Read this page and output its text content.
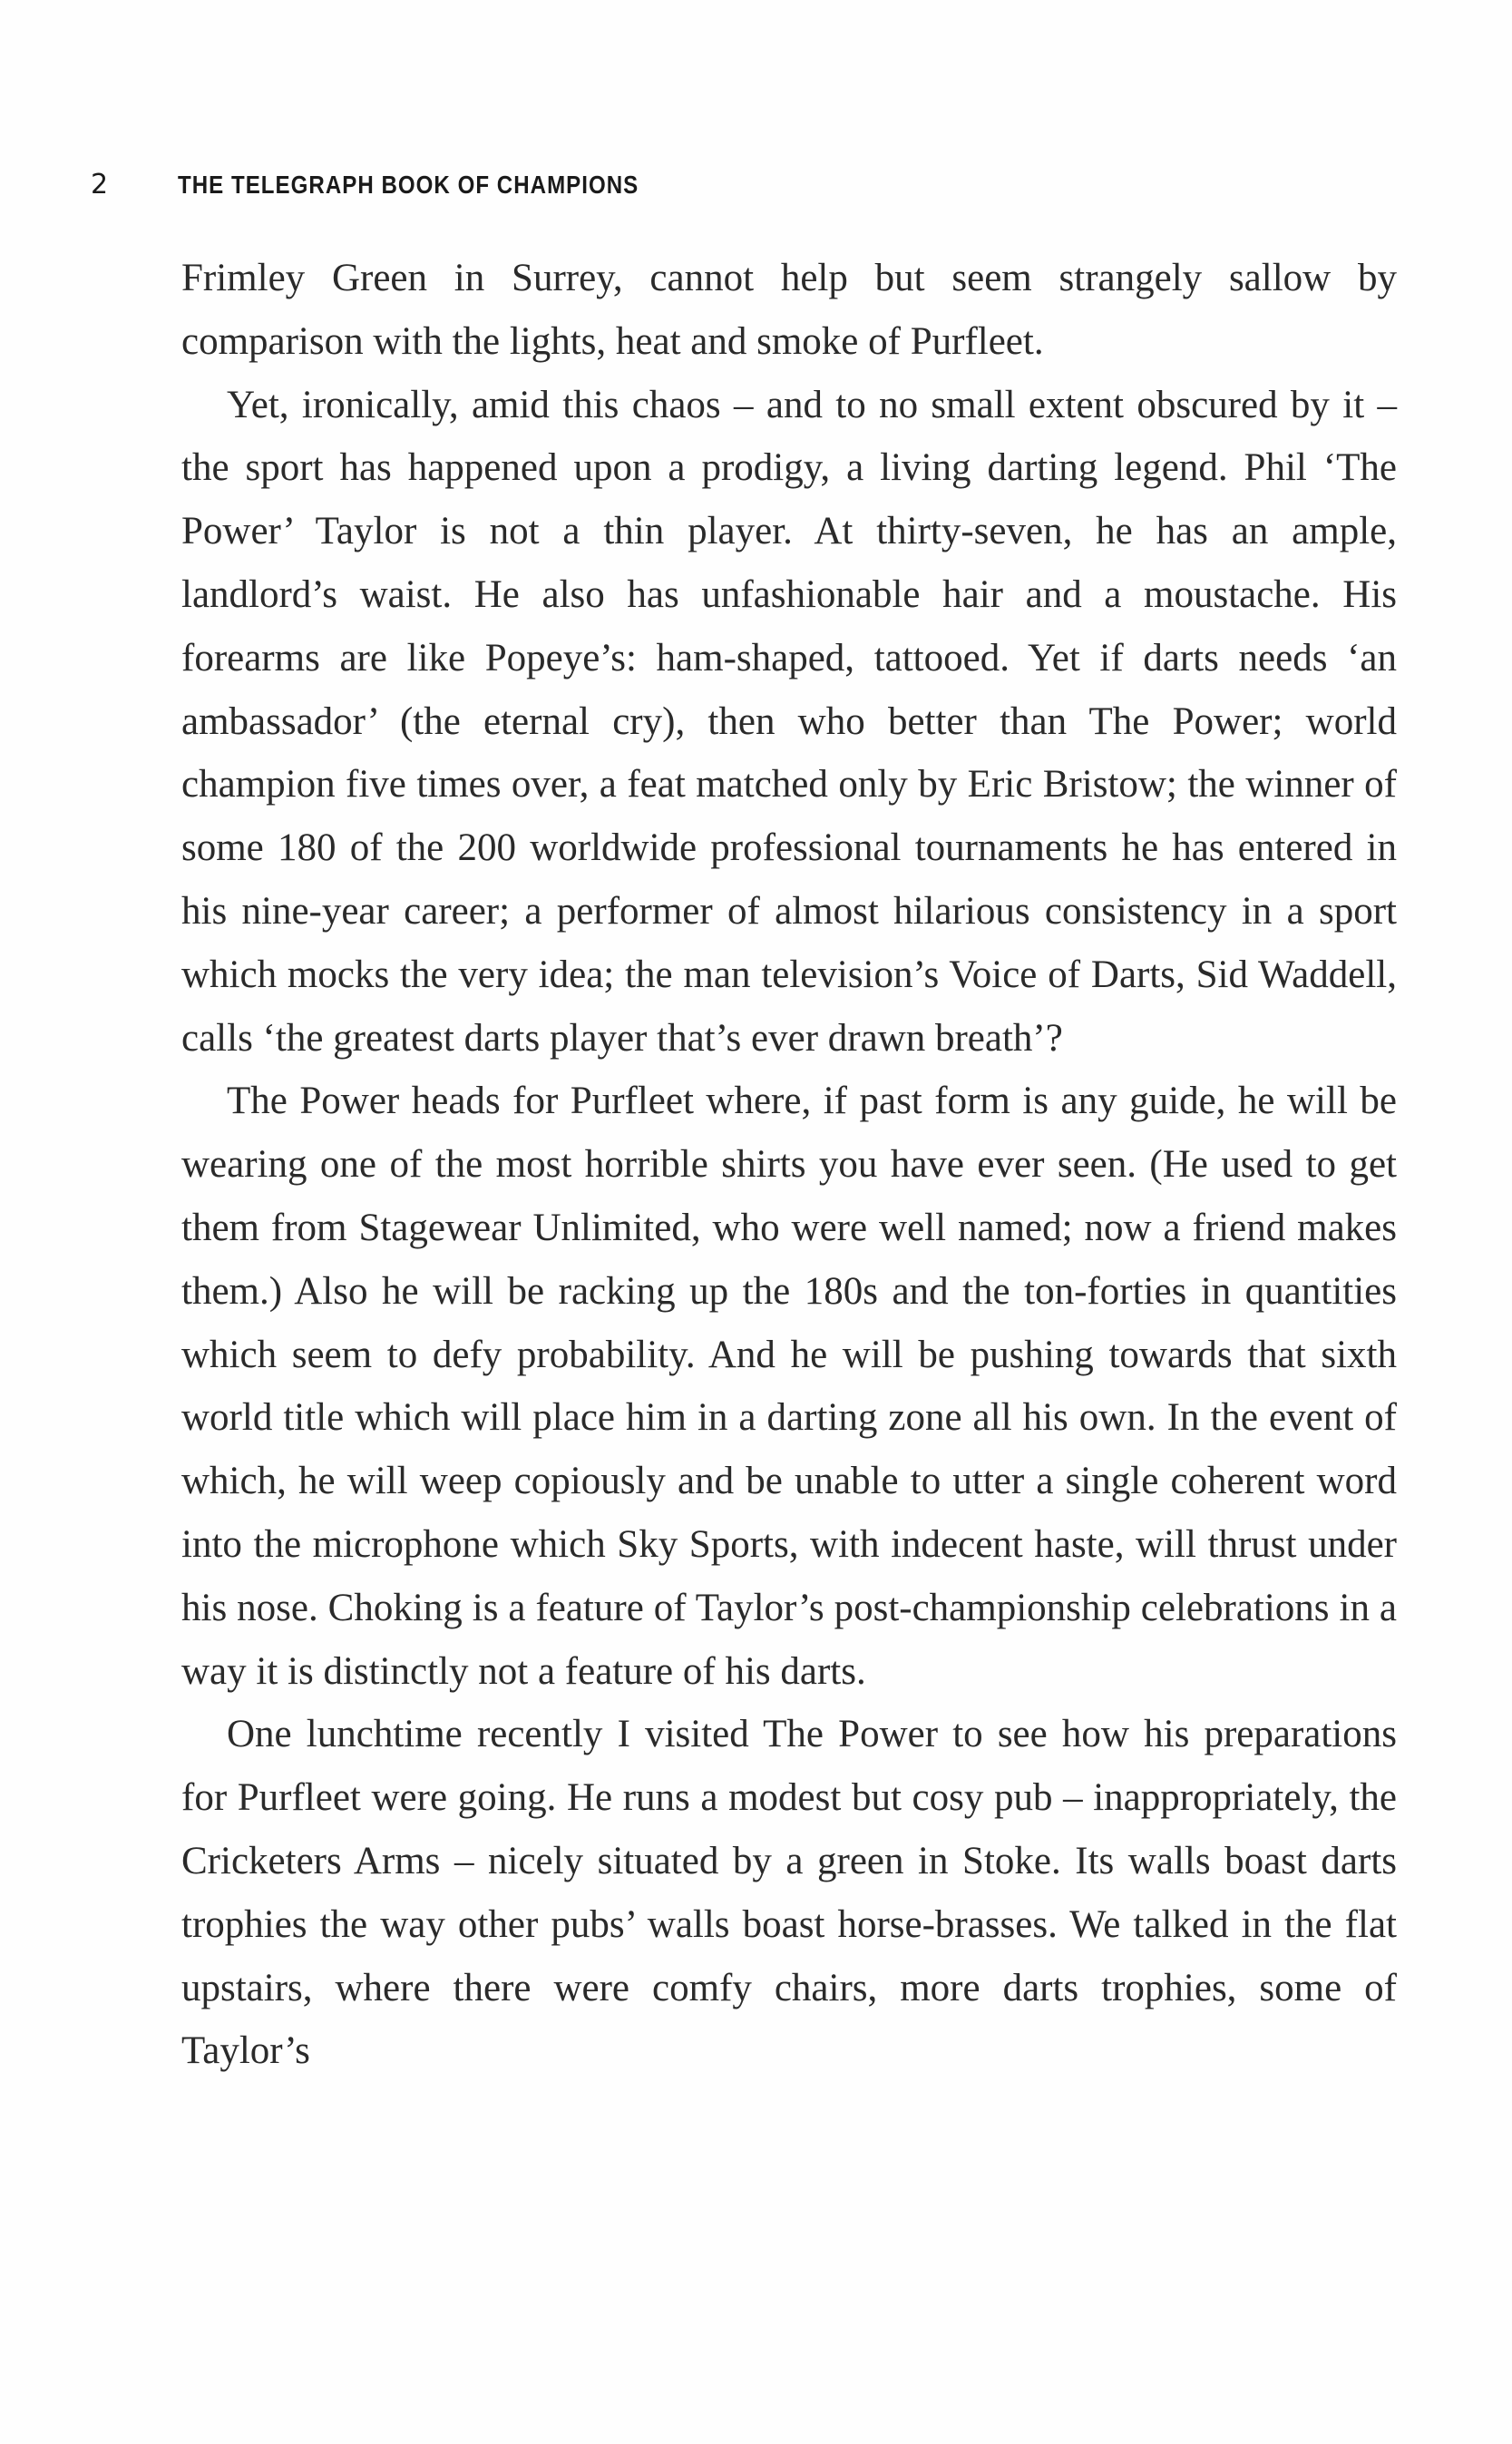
2	THE TELEGRAPH BOOK OF CHAMPIONS

Frimley Green in Surrey, cannot help but seem strangely sallow by comparison with the lights, heat and smoke of Purfleet.

Yet, ironically, amid this chaos – and to no small extent obscured by it – the sport has happened upon a prodigy, a living darting legend. Phil ‘The Power’ Taylor is not a thin player. At thirty-seven, he has an ample, landlord’s waist. He also has unfashionable hair and a moustache. His forearms are like Popeye’s: ham-shaped, tattooed. Yet if darts needs ‘an ambassador’ (the eternal cry), then who better than The Power; world champion five times over, a feat matched only by Eric Bristow; the winner of some 180 of the 200 worldwide professional tournaments he has entered in his nine-year career; a performer of almost hilarious consistency in a sport which mocks the very idea; the man television’s Voice of Darts, Sid Waddell, calls ‘the greatest darts player that’s ever drawn breath’?

The Power heads for Purfleet where, if past form is any guide, he will be wearing one of the most horrible shirts you have ever seen. (He used to get them from Stagewear Unlimited, who were well named; now a friend makes them.) Also he will be racking up the 180s and the ton-forties in quantities which seem to defy probability. And he will be pushing towards that sixth world title which will place him in a darting zone all his own. In the event of which, he will weep copiously and be unable to utter a single coherent word into the microphone which Sky Sports, with indecent haste, will thrust under his nose. Choking is a feature of Taylor’s post-championship celebrations in a way it is distinctly not a feature of his darts.

One lunchtime recently I visited The Power to see how his preparations for Purfleet were going. He runs a modest but cosy pub – inappropriately, the Cricketers Arms – nicely situated by a green in Stoke. Its walls boast darts trophies the way other pubs’ walls boast horse-brasses. We talked in the flat upstairs, where there were comfy chairs, more darts trophies, some of Taylor’s
